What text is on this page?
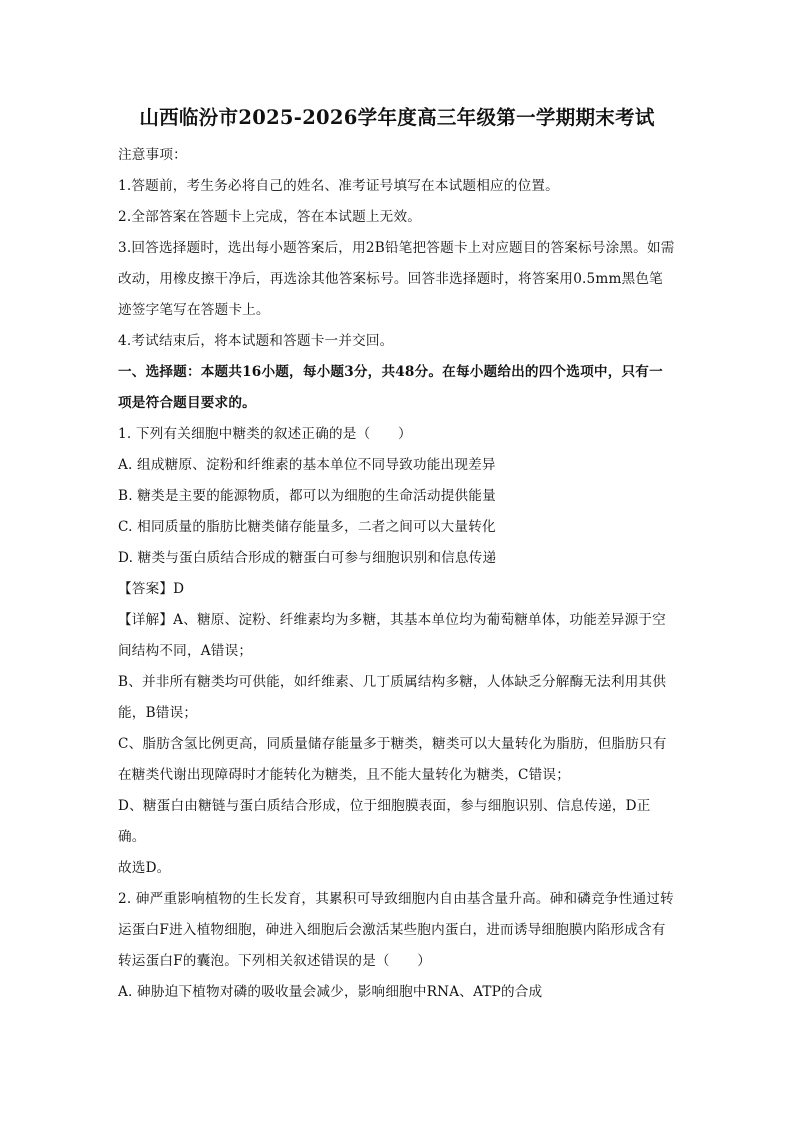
山西临汾市2025-2026学年度高三年级第一学期期末考试

注意事项：

1.答题前，考生务必将自己的姓名、准考证号填写在本试题相应的位置。

2.全部答案在答题卡上完成，答在本试题上无效。

3.回答选择题时，选出每小题答案后，用2B铅笔把答题卡上对应题目的答案标号涂黑。如需改动，用橡皮擦干净后，再选涂其他答案标号。回答非选择题时，将答案用0.5mm黑色笔迹签字笔写在答题卡上。

4.考试结束后，将本试题和答题卡一并交回。

一、选择题：本题共16小题，每小题3分，共48分。在每小题给出的四个选项中，只有一项是符合题目要求的。

1. 下列有关细胞中糖类的叙述正确的是（　　）

A. 组成糖原、淀粉和纤维素的基本单位不同导致功能出现差异

B. 糖类是主要的能源物质，都可以为细胞的生命活动提供能量

C. 相同质量的脂肪比糖类储存能量多，二者之间可以大量转化

D. 糖类与蛋白质结合形成的糖蛋白可参与细胞识别和信息传递

【答案】D

【详解】A、糖原、淀粉、纤维素均为多糖，其基本单位均为葡萄糖单体，功能差异源于空间结构不同，A错误；

B、并非所有糖类均可供能，如纤维素、几丁质属结构多糖，人体缺乏分解酶无法利用其供能，B错误；

C、脂肪含氢比例更高，同质量储存能量多于糖类，糖类可以大量转化为脂肪，但脂肪只有在糖类代谢出现障碍时才能转化为糖类，且不能大量转化为糖类，C错误；

D、糖蛋白由糖链与蛋白质结合形成，位于细胞膜表面，参与细胞识别、信息传递，D正确。

故选D。

2. 砷严重影响植物的生长发育，其累积可导致细胞内自由基含量升高。砷和磷竞争性通过转运蛋白F进入植物细胞，砷进入细胞后会激活某些胞内蛋白，进而诱导细胞膜内陷形成含有转运蛋白F的囊泡。下列相关叙述错误的是（　　）

A. 砷胁迫下植物对磷的吸收量会减少，影响细胞中RNA、ATP的合成
